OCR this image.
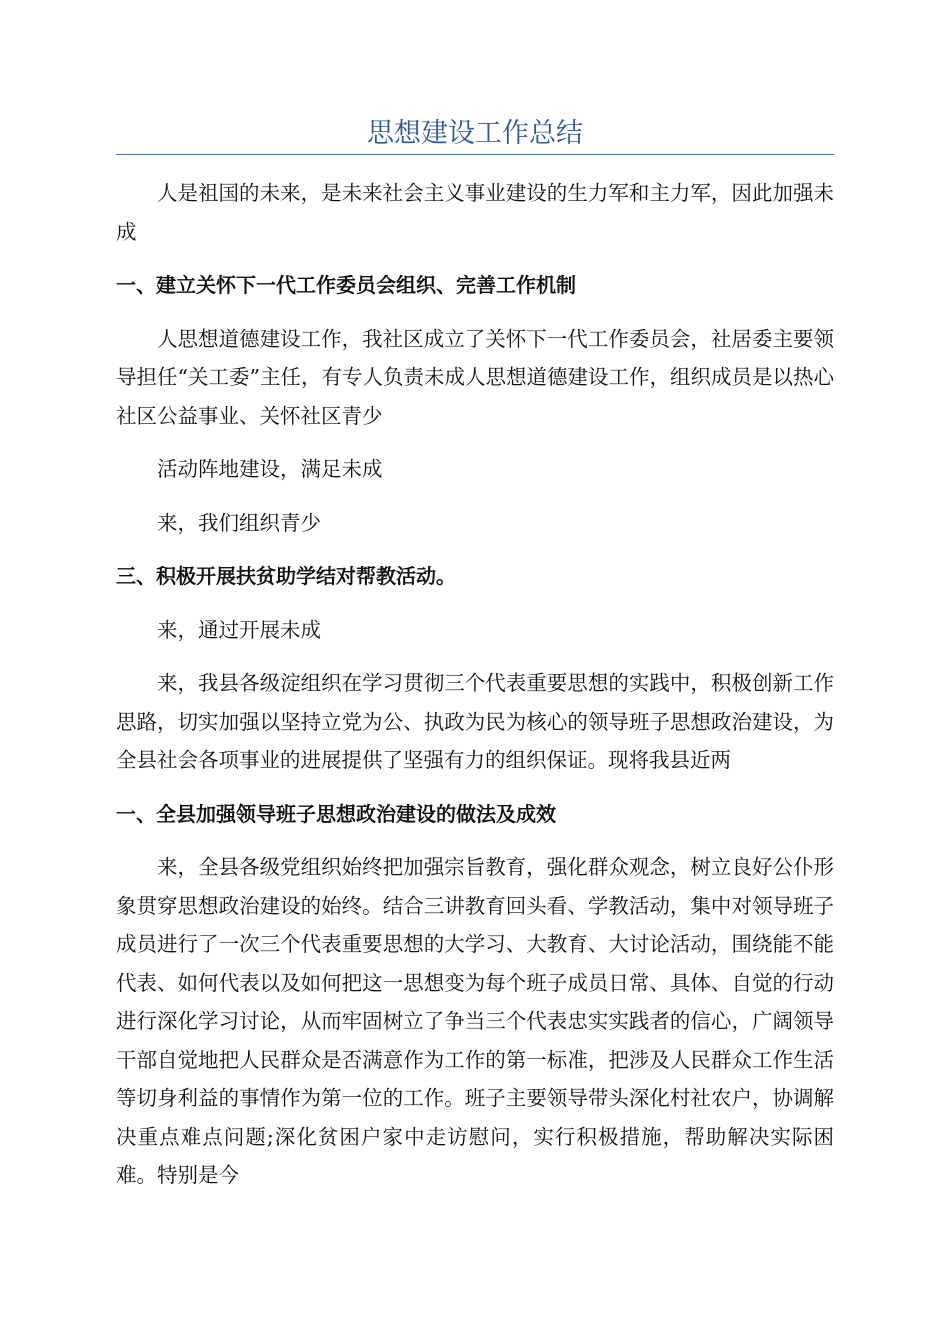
思想建设工作总结

人是祖国的未来，是未来社会主义事业建设的生力军和主力军，因此加强未成

一、建立关怀下一代工作委员会组织、完善工作机制

人思想道德建设工作，我社区成立了关怀下一代工作委员会，社居委主要领导担任“关工委”主任，有专人负责未成人思想道德建设工作，组织成员是以热心社区公益事业、关怀社区青少

活动阵地建设，满足未成

来，我们组织青少

三、积极开展扶贫助学结对帮教活动。

来，通过开展未成

来，我县各级淀组织在学习贯彻三个代表重要思想的实践中，积极创新工作思路，切实加强以坚持立党为公、执政为民为核心的领导班子思想政治建设，为全县社会各项事业的进展提供了坚强有力的组织保证。现将我县近两

一、全县加强领导班子思想政治建设的做法及成效

来，全县各级党组织始终把加强宗旨教育，强化群众观念，树立良好公仆形象贯穿思想政治建设的始终。结合三讲教育回头看、学教活动，集中对领导班子成员进行了一次三个代表重要思想的大学习、大教育、大讨论活动，围绕能不能代表、如何代表以及如何把这一思想变为每个班子成员日常、具体、自觉的行动进行深化学习讨论，从而牢固树立了争当三个代表忠实实践者的信心，广阔领导干部自觉地把人民群众是否满意作为工作的第一标准，把涉及人民群众工作生活等切身利益的事情作为第一位的工作。班子主要领导带头深化村社农户，协调解决重点难点问题;深化贫困户家中走访慰问，实行积极措施，帮助解决实际困难。特别是今
